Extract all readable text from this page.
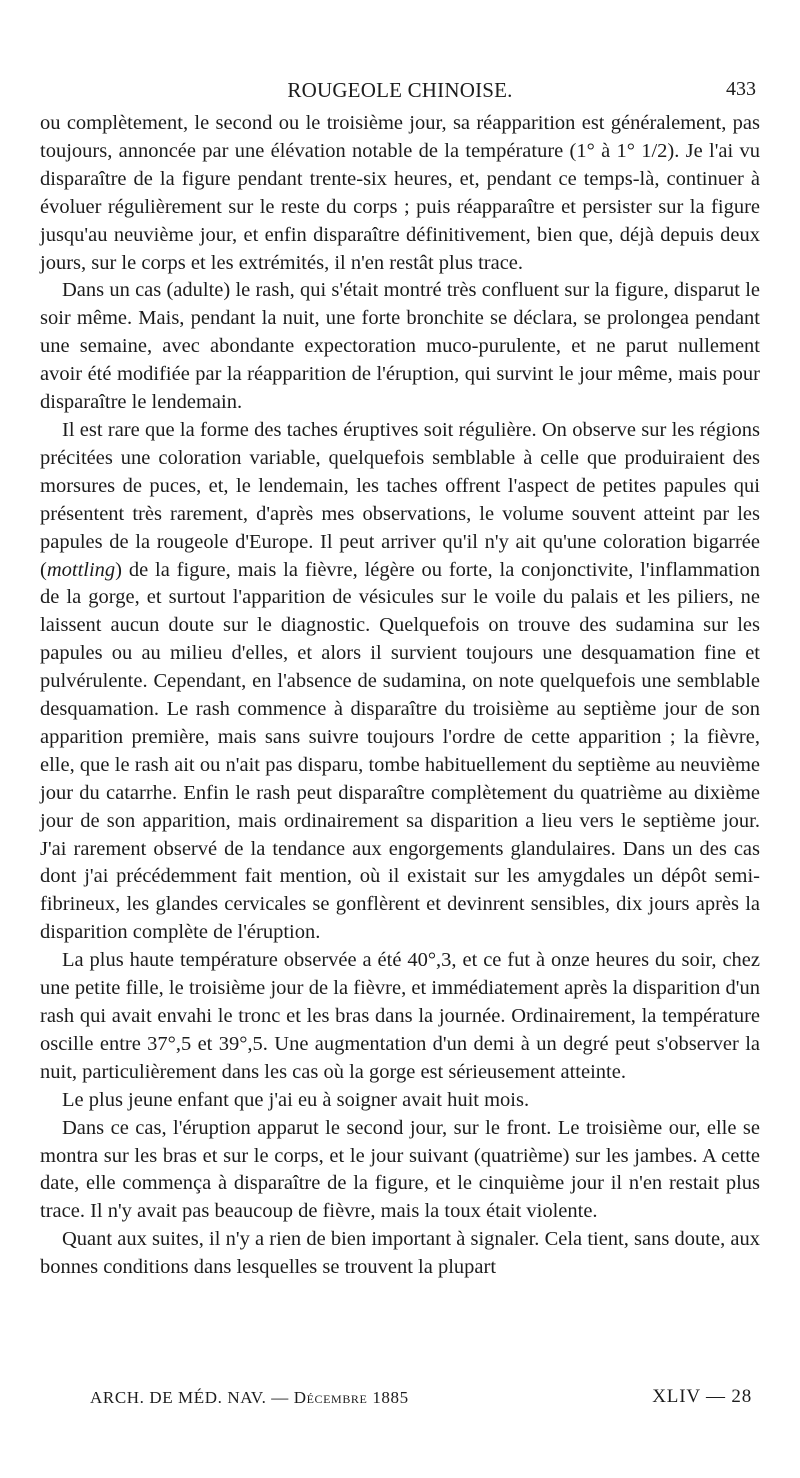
ROUGEOLE CHINOISE.	433

ou complètement, le second ou le troisième jour, sa réapparition est généralement, pas toujours, annoncée par une élévation notable de la température (1° à 1° 1/2). Je l'ai vu disparaître de la figure pendant trente-six heures, et, pendant ce temps-là, continuer à évoluer régulièrement sur le reste du corps ; puis réapparaître et persister sur la figure jusqu'au neuvième jour, et enfin disparaître définitivement, bien que, déjà depuis deux jours, sur le corps et les extrémités, il n'en restât plus trace.

Dans un cas (adulte) le rash, qui s'était montré très confluent sur la figure, disparut le soir même. Mais, pendant la nuit, une forte bronchite se déclara, se prolongea pendant une semaine, avec abondante expectoration muco-purulente, et ne parut nullement avoir été modifiée par la réapparition de l'éruption, qui survint le jour même, mais pour disparaître le lendemain.

Il est rare que la forme des taches éruptives soit régulière. On observe sur les régions précitées une coloration variable, quelquefois semblable à celle que produiraient des morsures de puces, et, le lendemain, les taches offrent l'aspect de petites papules qui présentent très rarement, d'après mes observations, le volume souvent atteint par les papules de la rougeole d'Europe. Il peut arriver qu'il n'y ait qu'une coloration bigarrée (mottling) de la figure, mais la fièvre, légère ou forte, la conjonctivite, l'inflammation de la gorge, et surtout l'apparition de vésicules sur le voile du palais et les piliers, ne laissent aucun doute sur le diagnostic. Quelquefois on trouve des sudamina sur les papules ou au milieu d'elles, et alors il survient toujours une desquamation fine et pulvérulente. Cependant, en l'absence de sudamina, on note quelquefois une semblable desquamation. Le rash commence à disparaître du troisième au septième jour de son apparition première, mais sans suivre toujours l'ordre de cette apparition ; la fièvre, elle, que le rash ait ou n'ait pas disparu, tombe habituellement du septième au neuvième jour du catarrhe. Enfin le rash peut disparaître complètement du quatrième au dixième jour de son apparition, mais ordinairement sa disparition a lieu vers le septième jour. J'ai rarement observé de la tendance aux engorgements glandulaires. Dans un des cas dont j'ai précédemment fait mention, où il existait sur les amygdales un dépôt semi-fibrineux, les glandes cervicales se gonflèrent et devinrent sensibles, dix jours après la disparition complète de l'éruption.

La plus haute température observée a été 40°,3, et ce fut à onze heures du soir, chez une petite fille, le troisième jour de la fièvre, et immédiatement après la disparition d'un rash qui avait envahi le tronc et les bras dans la journée. Ordinairement, la température oscille entre 37°,5 et 39°,5. Une augmentation d'un demi à un degré peut s'observer la nuit, particulièrement dans les cas où la gorge est sérieusement atteinte.

Le plus jeune enfant que j'ai eu à soigner avait huit mois.

Dans ce cas, l'éruption apparut le second jour, sur le front. Le troisième our, elle se montra sur les bras et sur le corps, et le jour suivant (quatrième) sur les jambes. A cette date, elle commença à disparaître de la figure, et le cinquième jour il n'en restait plus trace. Il n'y avait pas beaucoup de fièvre, mais la toux était violente.

Quant aux suites, il n'y a rien de bien important à signaler. Cela tient, sans doute, aux bonnes conditions dans lesquelles se trouvent la plupart

ARCH. DE MÉD. NAV. — Décembre 1885	XLIV — 28
